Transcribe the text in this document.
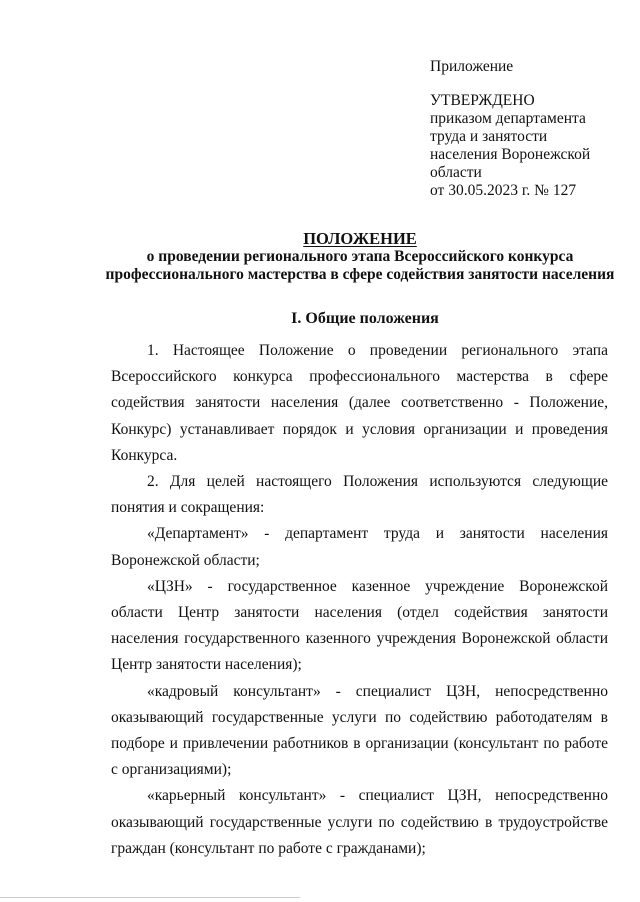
Приложение
УТВЕРЖДЕНО
приказом департамента
труда и занятости
населения Воронежской
области
от 30.05.2023 г. № 127
ПОЛОЖЕНИЕ
о проведении регионального этапа Всероссийского конкурса
профессионального мастерства в сфере содействия занятости населения
I. Общие положения

1. Настоящее Положение о проведении регионального этапа Всероссийского конкурса профессионального мастерства в сфере содействия занятости населения (далее соответственно - Положение, Конкурс) устанавливает порядок и условия организации и проведения Конкурса.

2. Для целей настоящего Положения используются следующие понятия и сокращения:

«Департамент» - департамент труда и занятости населения Воронежской области;

«ЦЗН» - государственное казенное учреждение Воронежской области Центр занятости населения (отдел содействия занятости населения государственного казенного учреждения Воронежской области Центр занятости населения);

«кадровый консультант» - специалист ЦЗН, непосредственно оказывающий государственные услуги по содействию работодателям в подборе и привлечении работников в организации (консультант по работе с организациями);

«карьерный консультант» - специалист ЦЗН, непосредственно оказывающий государственные услуги по содействию в трудоустройстве граждан (консультант по работе с гражданами);
